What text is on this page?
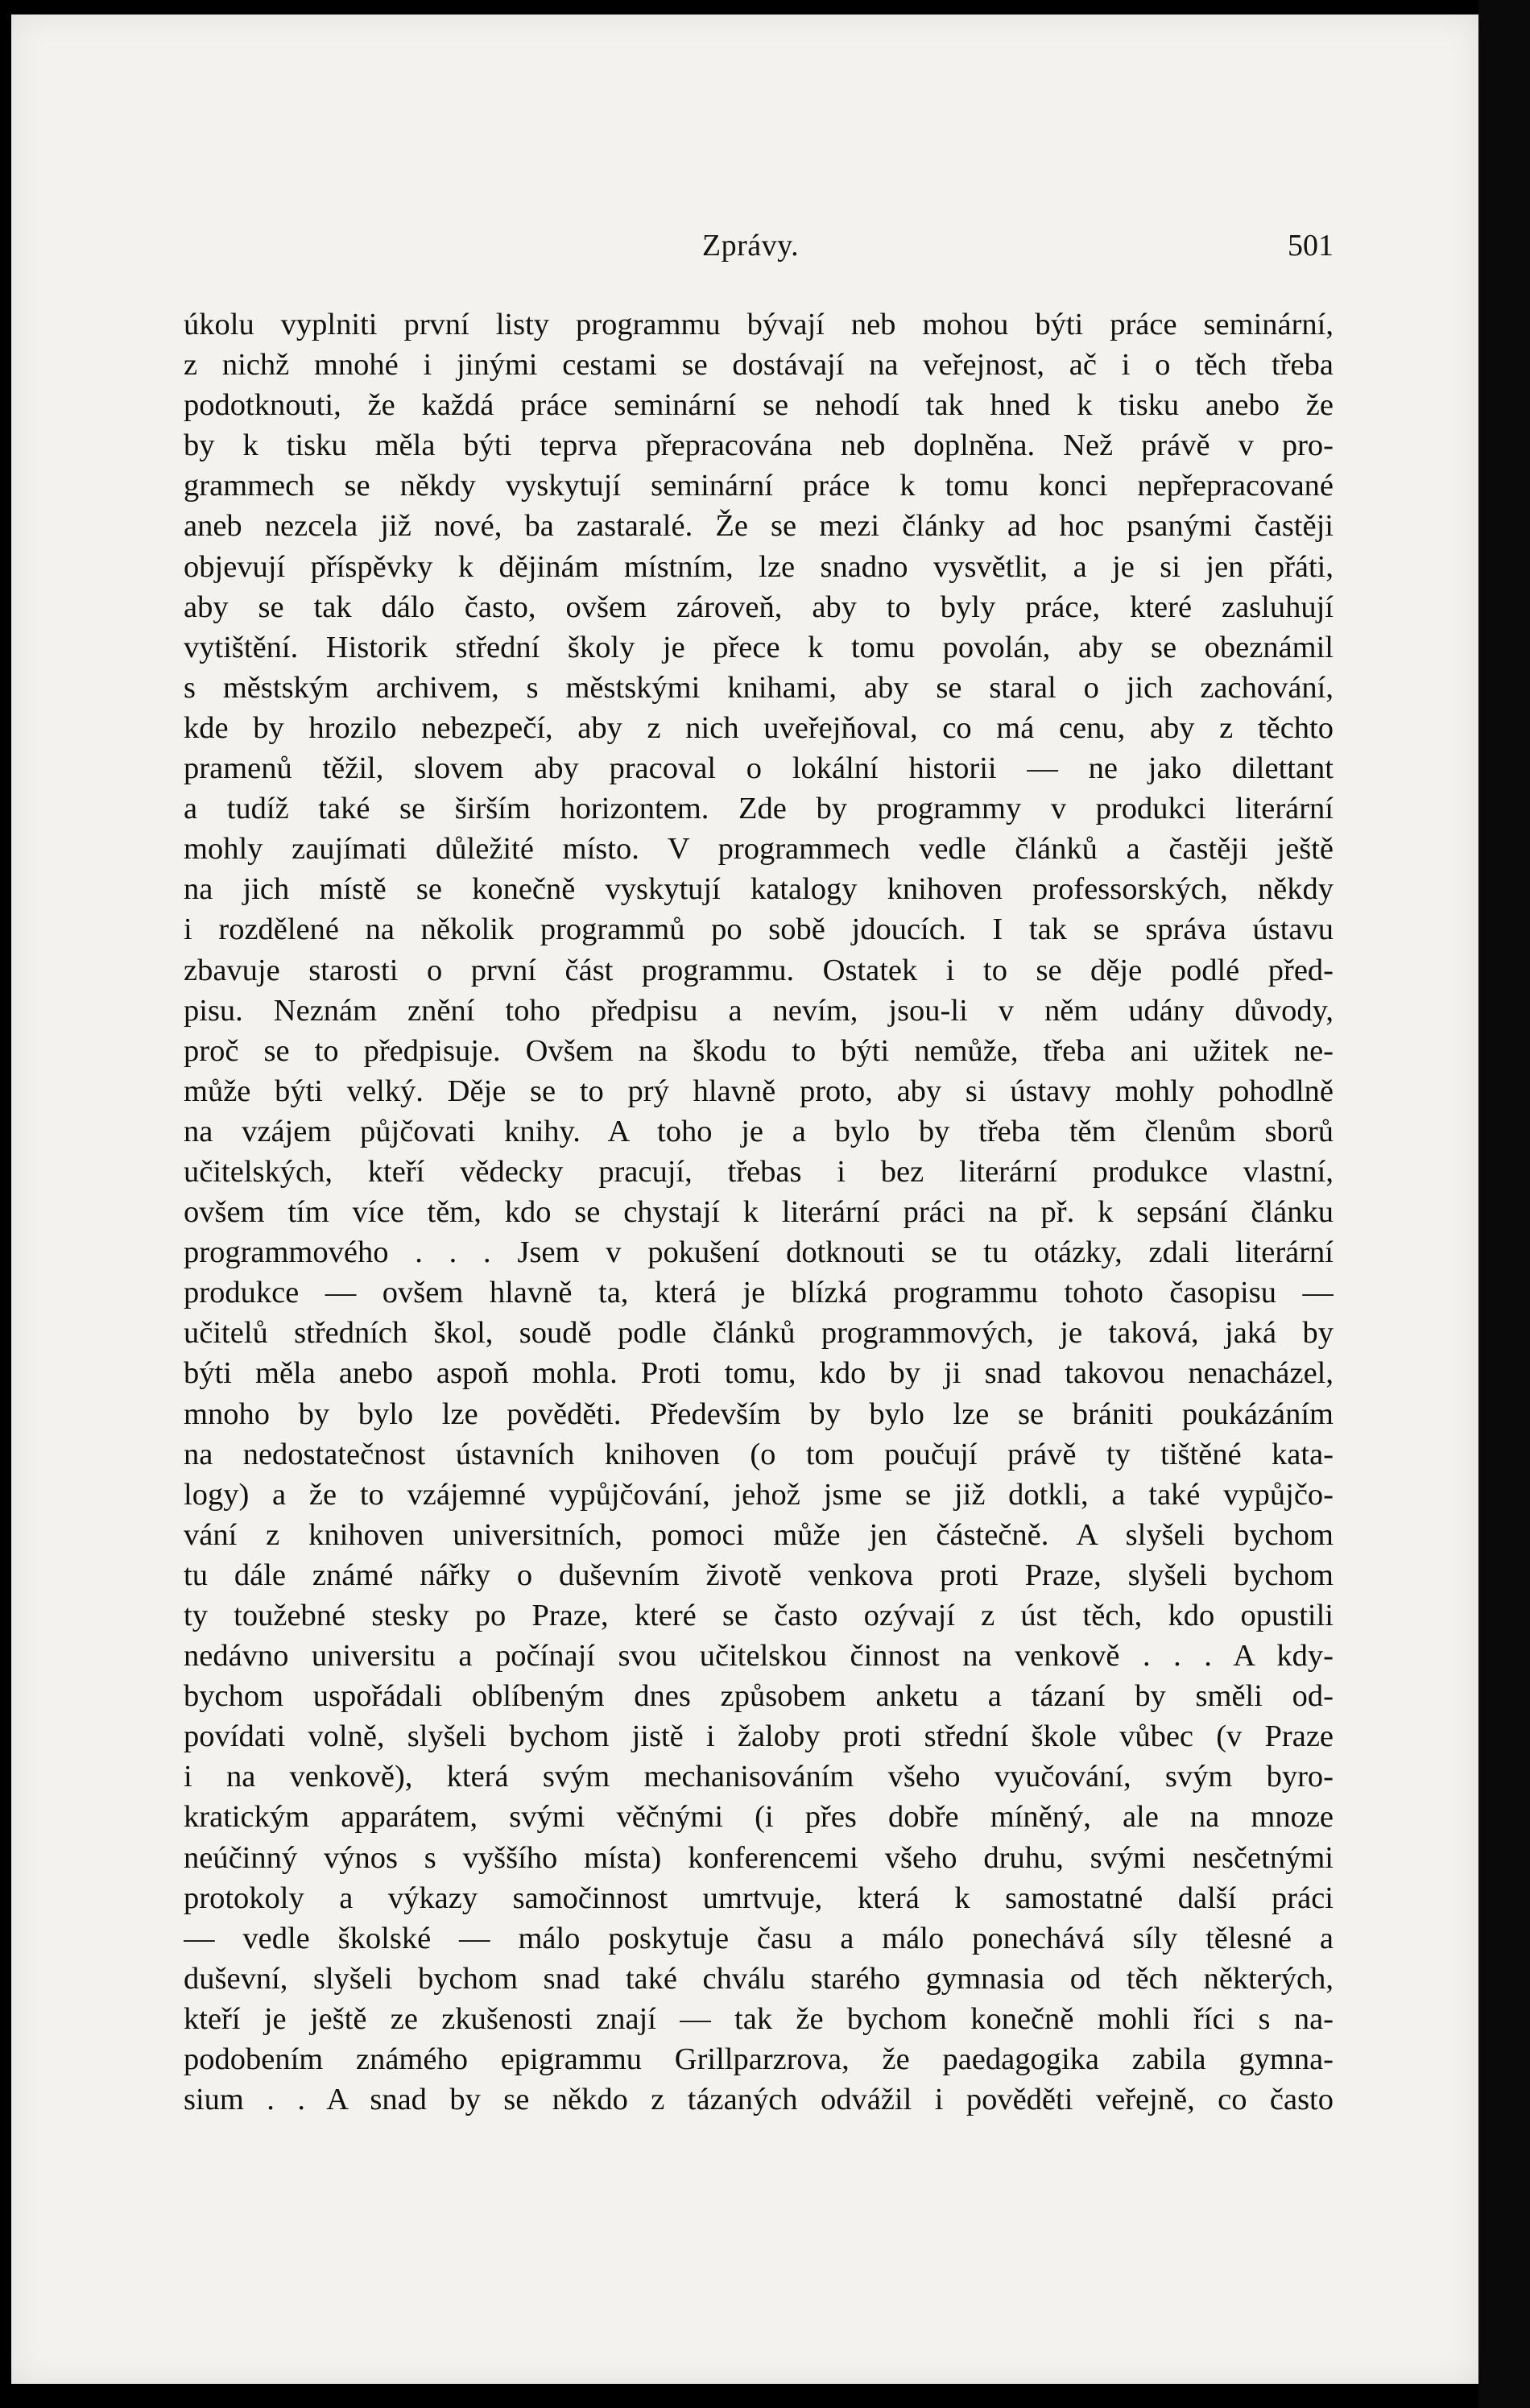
Zprávy.	501
úkolu vyplniti první listy programmu bývají neb mohou býti práce seminární,
z nichž mnohé i jinými cestami se dostávají na veřejnost, ač i o těch třeba
podotknouti, že každá práce seminární se nehodí tak hned k tisku anebo že
by k tisku měla býti teprva přepracována neb doplněna. Než právě v pro-
grammech se někdy vyskytují seminární práce k tomu konci nepřepracované
aneb nezcela již nové, ba zastaralé. Že se mezi články ad hoc psanými častěji
objevují příspěvky k dějinám místním, lze snadno vysvětlit, a je si jen přáti,
aby se tak dálo často, ovšem zároveň, aby to byly práce, které zasluhují
vytištění. Historik střední školy je přece k tomu povolán, aby se obeznámil
s městským archivem, s městskými knihami, aby se staral o jich zachování,
kde by hrozilo nebezpečí, aby z nich uveřejňoval, co má cenu, aby z těchto
pramenů těžil, slovem aby pracoval o lokální historii — ne jako dilettant
a tudíž také se širším horizontem. Zde by programmy v produkci literární
mohly zaujímati důležité místo. V programmech vedle článků a častěji ještě
na jich místě se konečně vyskytují katalogy knihoven professorských, někdy
i rozdělené na několik programmů po sobě jdoucích. I tak se správa ústavu
zbavuje starosti o první část programmu. Ostatek i to se děje podlé před-
pisu. Neznám znění toho předpisu a nevím, jsou-li v něm udány důvody,
proč se to předpisuje. Ovšem na škodu to býti nemůže, třeba ani užitek ne-
může býti velký. Děje se to prý hlavně proto, aby si ústavy mohly pohodlně
na vzájem půjčovati knihy. A toho je a bylo by třeba těm členům sborů
učitelských, kteří vědecky pracují, třebas i bez literární produkce vlastní,
ovšem tím více těm, kdo se chystají k literární práci na př. k sepsání článku
programmového . . . Jsem v pokušení dotknouti se tu otázky, zdali literární
produkce — ovšem hlavně ta, která je blízká programmu tohoto časopisu —
učitelů středních škol, soudě podle článků programmových, je taková, jaká by
býti měla anebo aspoň mohla. Proti tomu, kdo by ji snad takovou nenacházel,
mnoho by bylo lze pověděti. Především by bylo lze se brániti poukázáním
na nedostatečnost ústavních knihoven (o tom poučují právě ty tištěné kata-
logy) a že to vzájemné vypůjčování, jehož jsme se již dotkli, a také vypůjčo-
vání z knihoven universitních, pomoci může jen částečně. A slyšeli bychom
tu dále známé nářky o duševním životě venkova proti Praze, slyšeli bychom
ty toužebné stesky po Praze, které se často ozývají z úst těch, kdo opustili
nedávno universitu a počínají svou učitelskou činnost na venkově . . . A kdy-
bychom uspořádali oblíbeným dnes způsobem anketu a tázaní by směli od-
povídati volně, slyšeli bychom jistě i žaloby proti střední škole vůbec (v Praze
i na venkově), která svým mechanisováním všeho vyučování, svým byro-
kratickým apparátem, svými věčnými (i přes dobře míněný, ale na mnoze
neúčinný výnos s vyššího místa) konferencemi všeho druhu, svými nesčetnými
protokoly a výkazy samočinnost umrtvuje, která k samostatné další práci
— vedle školské — málo poskytuje času a málo ponechává síly tělesné a
duševní, slyšeli bychom snad také chválu starého gymnasia od těch některých,
kteří je ještě ze zkušenosti znají — tak že bychom konečně mohli říci s na-
podobením známého epigrammu Grillparzrova, že paedagogika zabila gymna-
sium . . A snad by se někdo z tázaných odvážil i pověděti veřejně, co často
